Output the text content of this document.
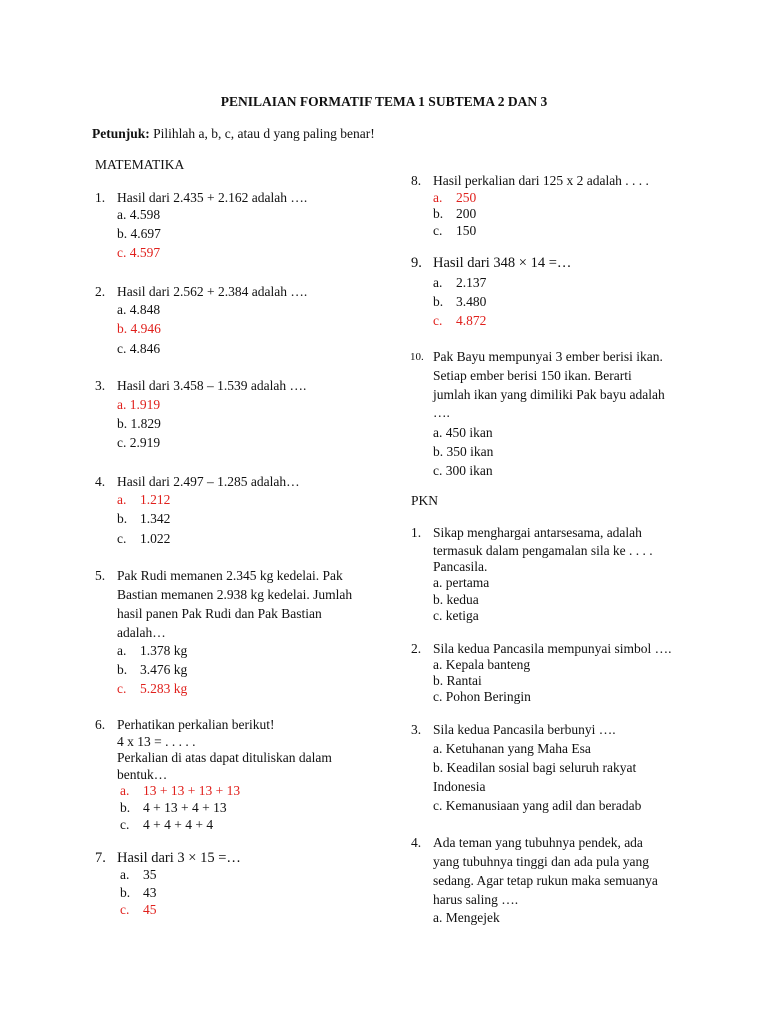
PENILAIAN FORMATIF TEMA 1 SUBTEMA 2 DAN 3
Petunjuk: Pilihlah a, b, c, atau d yang paling benar!
MATEMATIKA
1. Hasil dari 2.435 + 2.162 adalah ….
a. 4.598
b. 4.697
c. 4.597
2. Hasil dari 2.562 + 2.384 adalah ….
a. 4.848
b. 4.946
c. 4.846
3. Hasil dari 3.458 – 1.539 adalah ….
a. 1.919
b. 1.829
c. 2.919
4. Hasil dari 2.497 – 1.285 adalah…
a. 1.212
b. 1.342
c. 1.022
5. Pak Rudi memanen 2.345 kg kedelai. Pak
Bastian memanen 2.938 kg kedelai. Jumlah
hasil panen Pak Rudi dan Pak Bastian
adalah…
a. 1.378 kg
b. 3.476 kg
c. 5.283 kg
6. Perhatikan perkalian berikut!
4 x 13 = . . . . .
Perkalian di atas dapat dituliskan dalam
bentuk…
a. 13 + 13 + 13 + 13
b. 4 + 13 + 4 + 13
c. 4 + 4 + 4 + 4
7. Hasil dari 3 × 15 =…
a. 35
b. 43
c. 45
8. Hasil perkalian dari 125 x 2 adalah . . . .
a. 250
b. 200
c. 150
9. Hasil dari 348 × 14 =…
a. 2.137
b. 3.480
c. 4.872
10. Pak Bayu mempunyai 3 ember berisi ikan.
Setiap ember berisi 150 ikan. Berarti
jumlah ikan yang dimiliki Pak bayu adalah
….
a. 450 ikan
b. 350 ikan
c. 300 ikan
PKN
1. Sikap menghargai antarsesama, adalah
termasuk dalam pengamalan sila ke . . . .
Pancasila.
a. pertama
b. kedua
c. ketiga
2. Sila kedua Pancasila mempunyai simbol ….
a. Kepala banteng
b. Rantai
c. Pohon Beringin
3. Sila kedua Pancasila berbunyi ….
a. Ketuhanan yang Maha Esa
b. Keadilan sosial bagi seluruh rakyat
Indonesia
c. Kemanusiaan yang adil dan beradab
4. Ada teman yang tubuhnya pendek, ada
yang tubuhnya tinggi dan ada pula yang
sedang. Agar tetap rukun maka semuanya
harus saling ….
a. Mengejek
